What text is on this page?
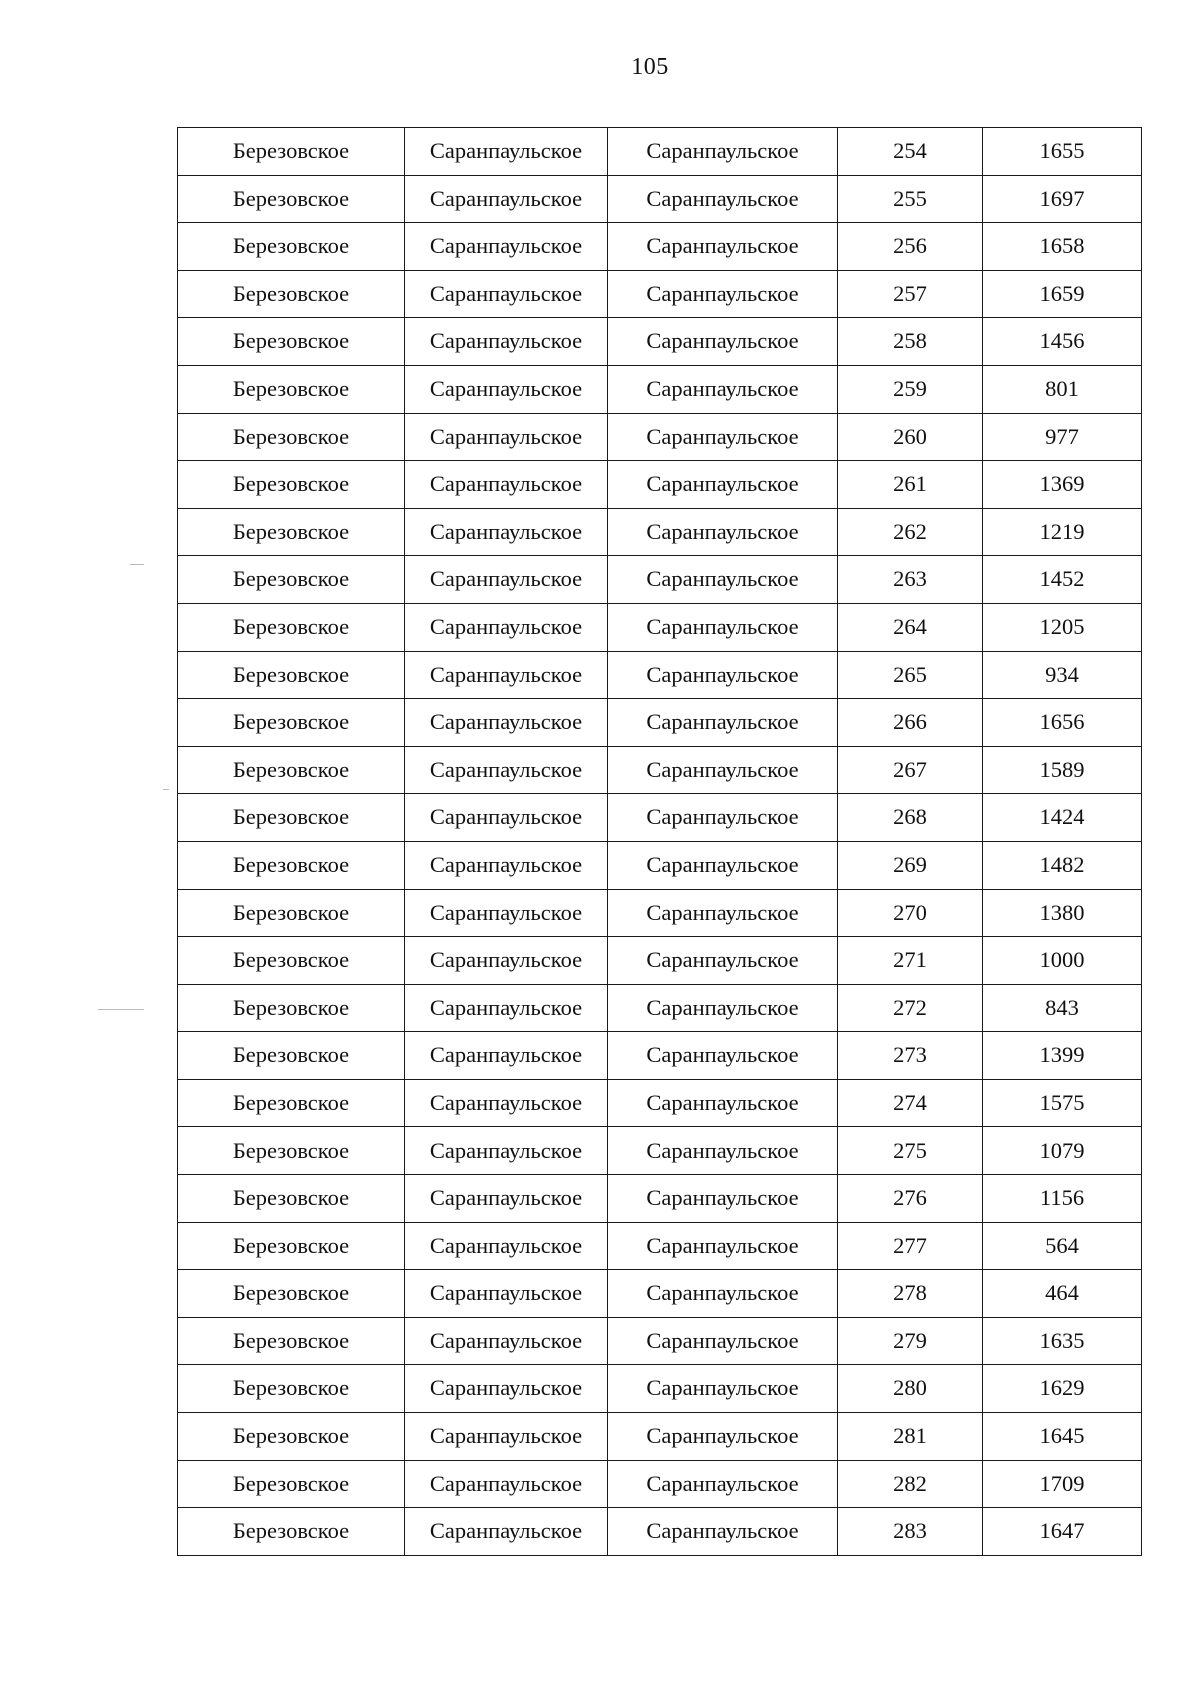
105
Березовское	Саранпаульское	Саранпаульское	254	1655
Березовское	Саранпаульское	Саранпаульское	255	1697
Березовское	Саранпаульское	Саранпаульское	256	1658
Березовское	Саранпаульское	Саранпаульское	257	1659
Березовское	Саранпаульское	Саранпаульское	258	1456
Березовское	Саранпаульское	Саранпаульское	259	801
Березовское	Саранпаульское	Саранпаульское	260	977
Березовское	Саранпаульское	Саранпаульское	261	1369
Березовское	Саранпаульское	Саранпаульское	262	1219
Березовское	Саранпаульское	Саранпаульское	263	1452
Березовское	Саранпаульское	Саранпаульское	264	1205
Березовское	Саранпаульское	Саранпаульское	265	934
Березовское	Саранпаульское	Саранпаульское	266	1656
Березовское	Саранпаульское	Саранпаульское	267	1589
Березовское	Саранпаульское	Саранпаульское	268	1424
Березовское	Саранпаульское	Саранпаульское	269	1482
Березовское	Саранпаульское	Саранпаульское	270	1380
Березовское	Саранпаульское	Саранпаульское	271	1000
Березовское	Саранпаульское	Саранпаульское	272	843
Березовское	Саранпаульское	Саранпаульское	273	1399
Березовское	Саранпаульское	Саранпаульское	274	1575
Березовское	Саранпаульское	Саранпаульское	275	1079
Березовское	Саранпаульское	Саранпаульское	276	1156
Березовское	Саранпаульское	Саранпаульское	277	564
Березовское	Саранпаульское	Саранпаульское	278	464
Березовское	Саранпаульское	Саранпаульское	279	1635
Березовское	Саранпаульское	Саранпаульское	280	1629
Березовское	Саранпаульское	Саранпаульское	281	1645
Березовское	Саранпаульское	Саранпаульское	282	1709
Березовское	Саранпаульское	Саранпаульское	283	1647
